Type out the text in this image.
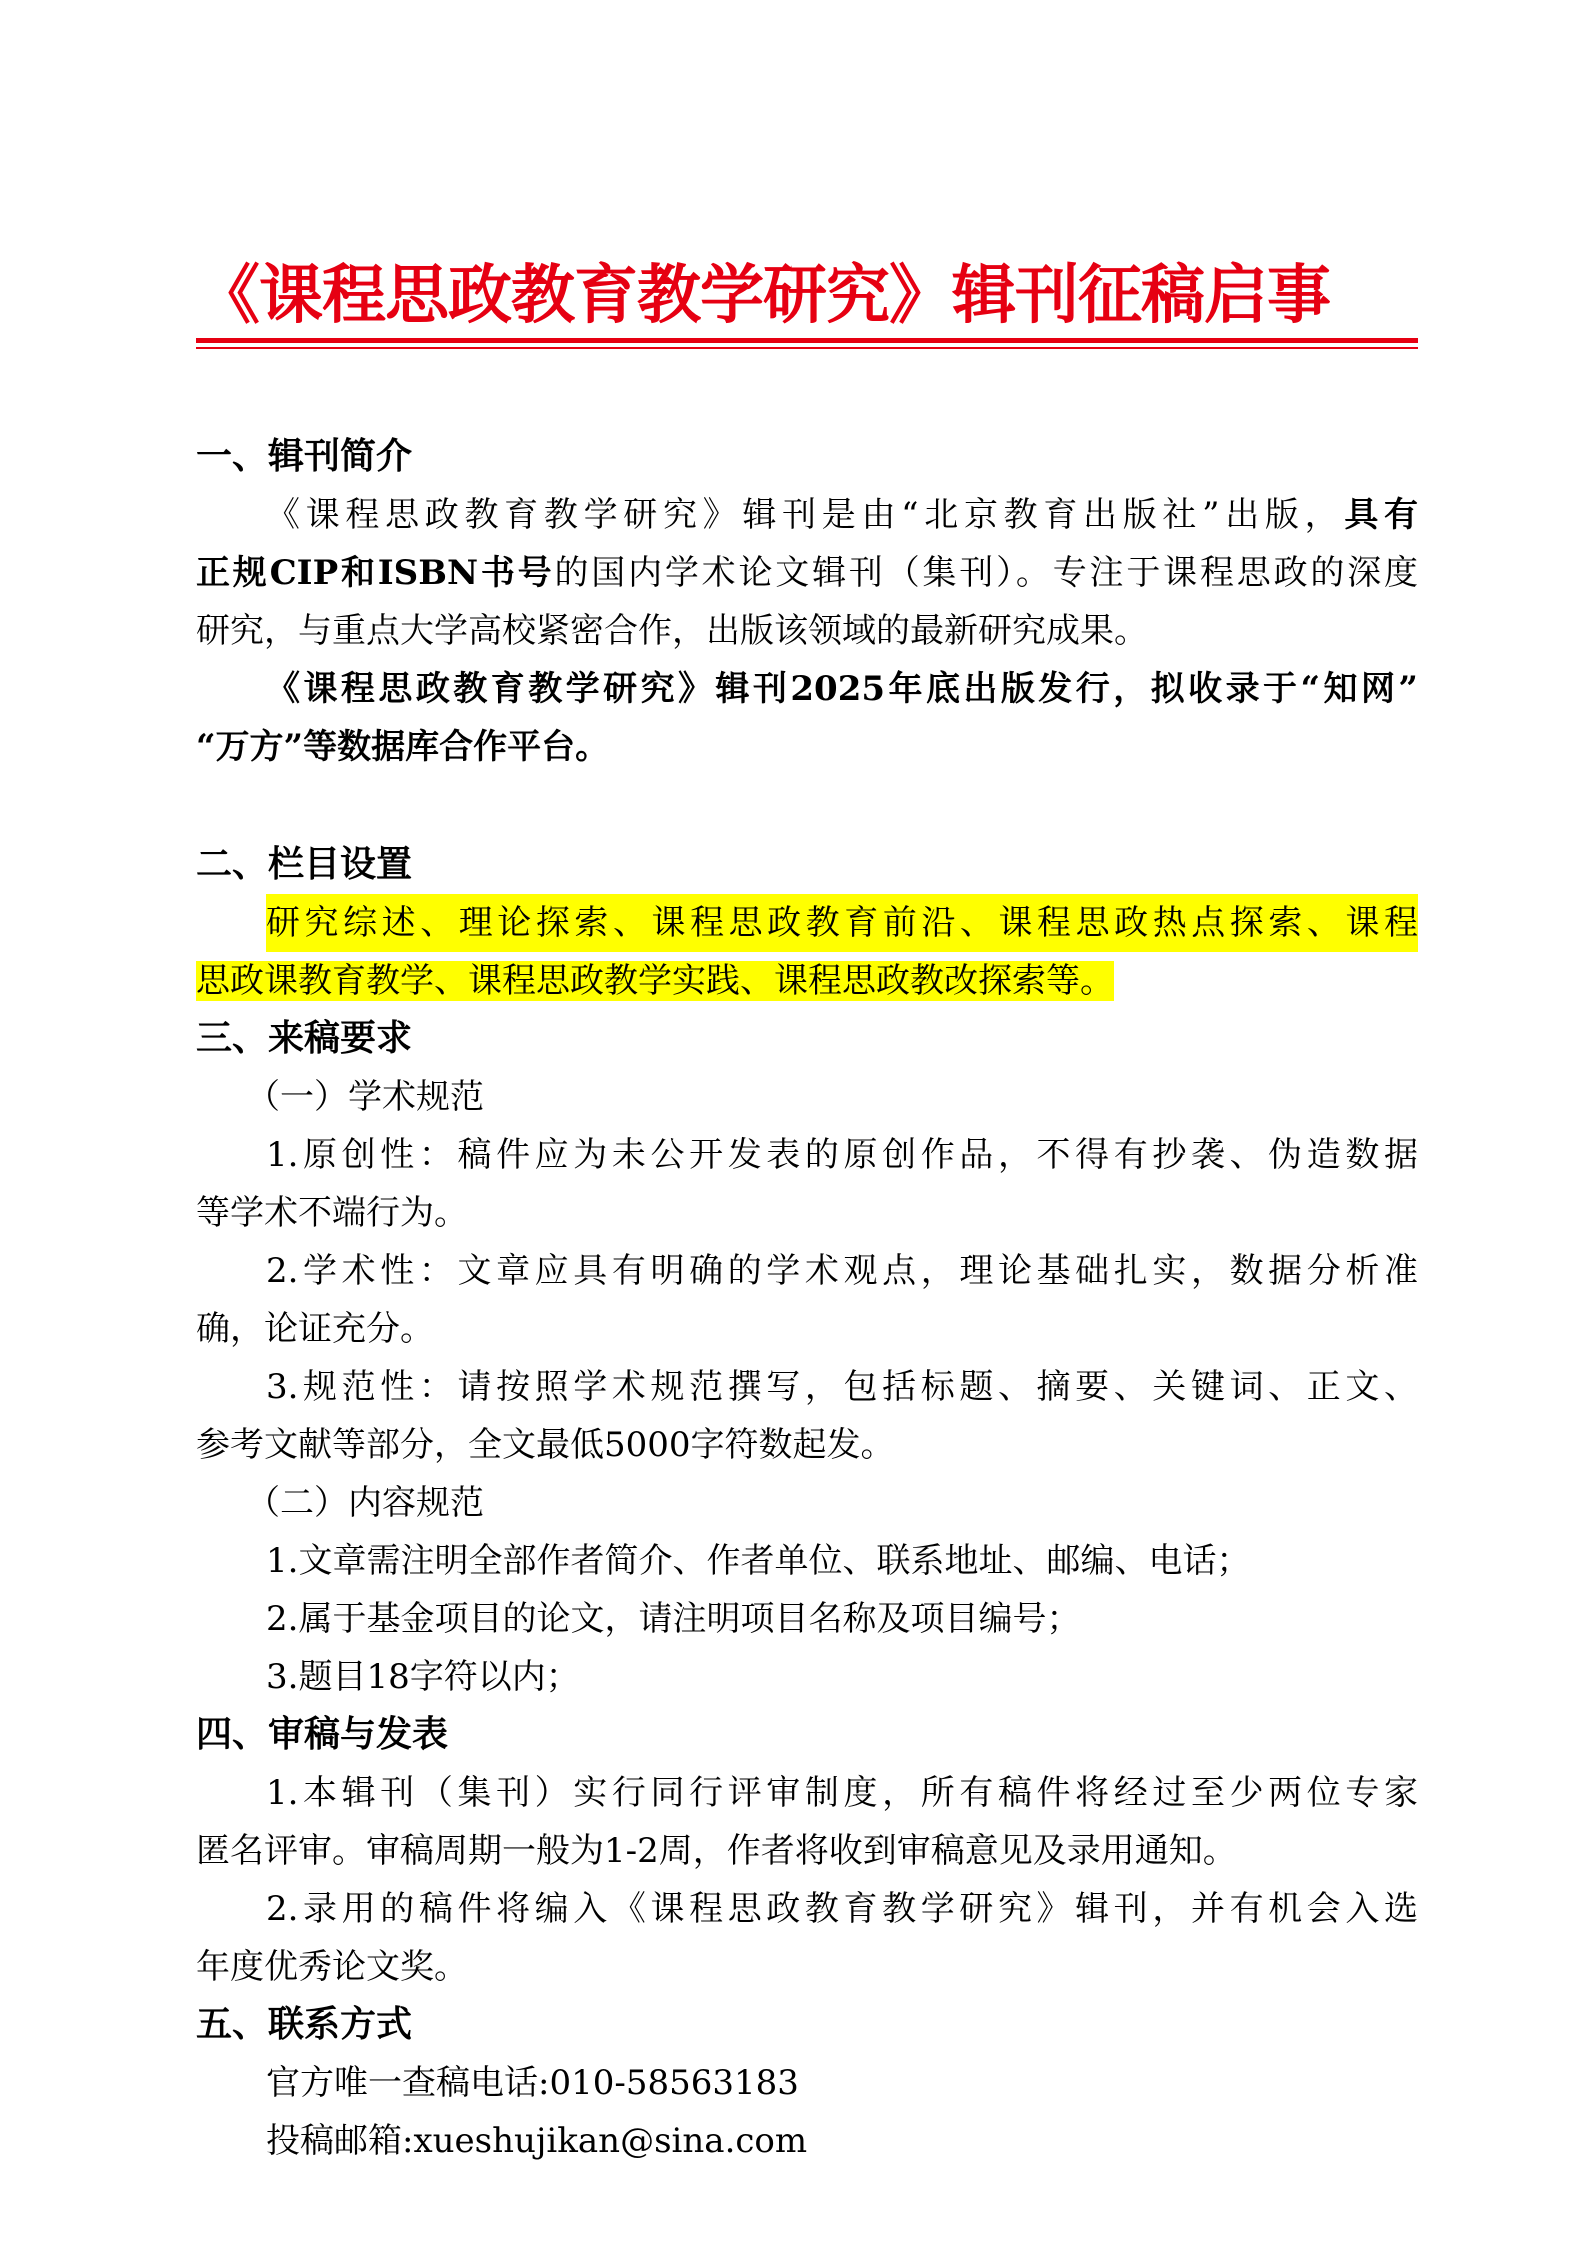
《课程思政教育教学研究》辑刊征稿启事
一、辑刊简介
《课程思政教育教学研究》辑刊是由“北京教育出版社”出版，具有
正规CIP和ISBN书号的国内学术论文辑刊（集刊）。专注于课程思政的深度
研究，与重点大学高校紧密合作，出版该领域的最新研究成果。
《课程思政教育教学研究》辑刊2025年底出版发行，拟收录于“知网”
“万方”等数据库合作平台。
二、栏目设置
研究综述、理论探索、课程思政教育前沿、课程思政热点探索、课程
思政课教育教学、课程思政教学实践、课程思政教改探索等。
三、来稿要求
（一）学术规范
1.原创性：稿件应为未公开发表的原创作品，不得有抄袭、伪造数据
等学术不端行为。
2.学术性：文章应具有明确的学术观点，理论基础扎实，数据分析准
确，论证充分。
3.规范性：请按照学术规范撰写，包括标题、摘要、关键词、正文、
参考文献等部分，全文最低5000字符数起发。
（二）内容规范
1.文章需注明全部作者简介、作者单位、联系地址、邮编、电话；
2.属于基金项目的论文，请注明项目名称及项目编号；
3.题目18字符以内；
四、审稿与发表
1.本辑刊（集刊）实行同行评审制度，所有稿件将经过至少两位专家
匿名评审。审稿周期一般为1-2周，作者将收到审稿意见及录用通知。
2.录用的稿件将编入《课程思政教育教学研究》辑刊，并有机会入选
年度优秀论文奖。
五、联系方式
官方唯一查稿电话:010-58563183
投稿邮箱:xueshujikan@sina.com
